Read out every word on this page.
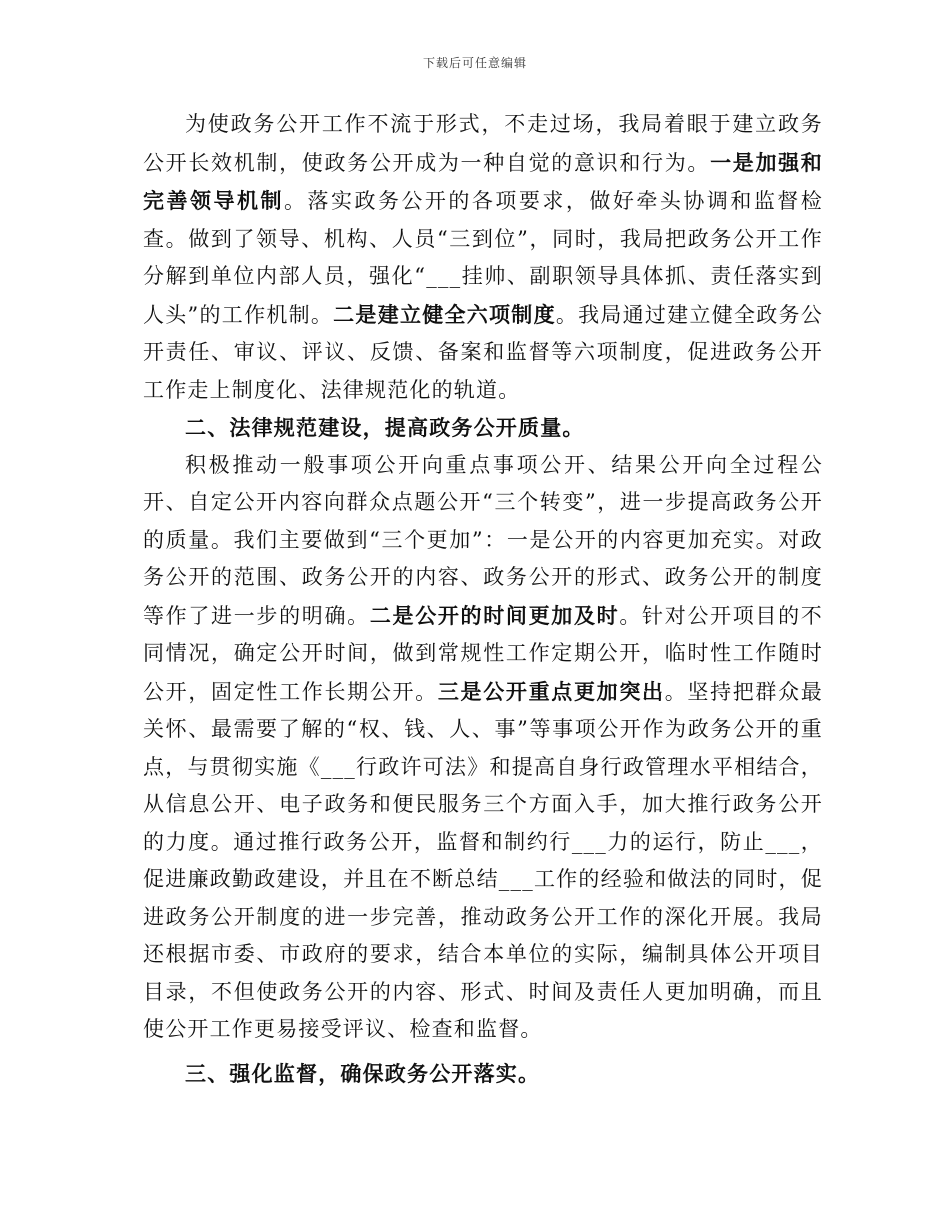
下载后可任意编辑

为使政务公开工作不流于形式，不走过场，我局着眼于建立政务公开长效机制，使政务公开成为一种自觉的意识和行为。一是加强和完善领导机制。落实政务公开的各项要求，做好牵头协调和监督检查。做到了领导、机构、人员“三到位”，同时，我局把政务公开工作分解到单位内部人员，强化“___挂帅、副职领导具体抓、责任落实到人头”的工作机制。二是建立健全六项制度。我局通过建立健全政务公开责任、审议、评议、反馈、备案和监督等六项制度，促进政务公开工作走上制度化、法律规范化的轨道。

二、法律规范建设，提高政务公开质量。

积极推动一般事项公开向重点事项公开、结果公开向全过程公开、自定公开内容向群众点题公开“三个转变”，进一步提高政务公开的质量。我们主要做到“三个更加”：一是公开的内容更加充实。对政务公开的范围、政务公开的内容、政务公开的形式、政务公开的制度等作了进一步的明确。二是公开的时间更加及时。针对公开项目的不同情况，确定公开时间，做到常规性工作定期公开，临时性工作随时公开，固定性工作长期公开。三是公开重点更加突出。坚持把群众最关怀、最需要了解的“权、钱、人、事”等事项公开作为政务公开的重点，与贯彻实施《___行政许可法》和提高自身行政管理水平相结合，从信息公开、电子政务和便民服务三个方面入手，加大推行政务公开的力度。通过推行政务公开，监督和制约行___力的运行，防止___，促进廉政勤政建设，并且在不断总结___工作的经验和做法的同时，促进政务公开制度的进一步完善，推动政务公开工作的深化开展。我局还根据市委、市政府的要求，结合本单位的实际，编制具体公开项目目录，不但使政务公开的内容、形式、时间及责任人更加明确，而且使公开工作更易接受评议、检查和监督。

三、强化监督，确保政务公开落实。
